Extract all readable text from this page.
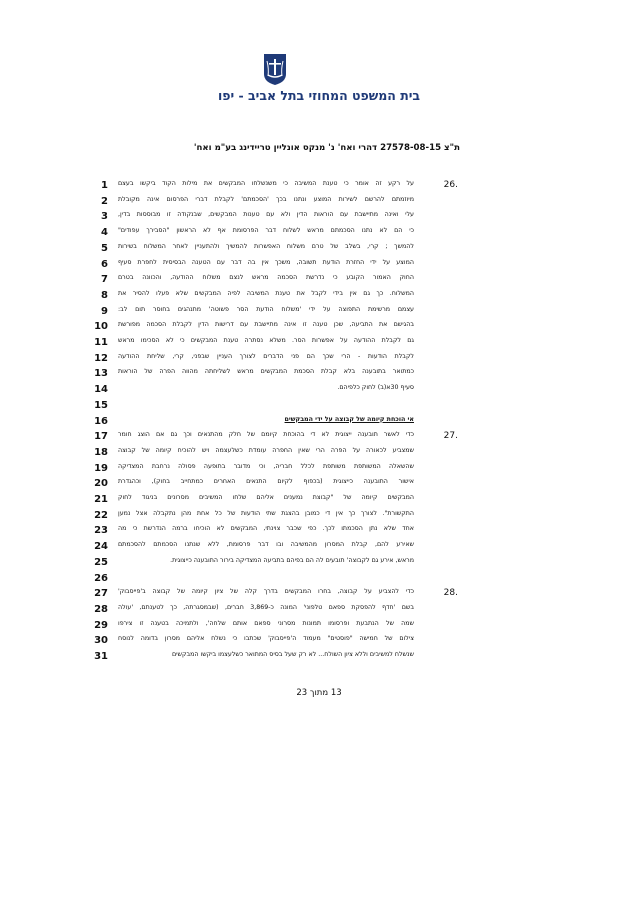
בית המשפט המחוזי בתל אביב - יפו
ת"צ 27578-08-15 דהרי ואח' נ' מנקס אונליין טריידינג בע"מ ואח'
1 על רקע זה אומר כי טענת המשיבה כי משנשלחו המבקשים את מילות הקוד ביקשו בעצם	26.
2 מיוזמתם להרשם לשירות המוצע ונתנו בכך 'הסכמתם' לקבלת דברי הפרסום אינה מקובלת
3 עלי ואינה מתיישבת עם הוראות הדין ולא עם טענות המבקשים, שבנקודה זו מבוססות בדין,
4 כי הם לא נתנו הסכמתם מראש לשלוח דבר הפרסומת אף לא הראשון "הסבירך עפודים"
5 להמשך ; קרי, בשלב של טרם משלוח האפשרות להמשיך ולהתעניין לאחר המשלוח בשירות
6 המוצע על ידי החזרת הודעת תשובה, משכך אין בה דבר עם הטענה הבסיסית לחפרת סעיף
7 החוק האמור הקובע כי נדרשת הסכמה מראש לנצם משלוח ההודעה, והכוונה בטרם
8 המשלוח. כך גם אין בידי לקבל את טענת המשיבה לפיה המבקשים שלא פעלו להסיר את
9 עצמם מרשימת התפוצה על ידי 'משלוח הודעת הסר פשוטה' מתנהגים בחוסר תום לב:
10 בהגישם את התביעה, שכן טענה זו אינה מתיישבת עם דרישות הדין לקבלת הסכמה מפורשת
11 גם לקבלת ההודעה על אפשרות הסר. משלא נסתרה טענת המבקשים כי לא הסכימו מראש
12 לקבלת הודעות - הרי שכך הם פני הדברים לצורך העניין שבפני, קרי, שליחת ההודעה
13 כמתואר בתובענה בלא קבלת הסכמת המבקשים מראש לשליחתה מהווה הפרה של הוראות
14	סעיף 30א(ב) לחוק כלפיהם.
15
16	אי הוכחת קיומה של קבוצה על ידי המבקשים
17 כדי לאשר תובענה ייצוגית לא די בהוכחת קיומם של חלק מהתנאים וכך גם אם הוצג חומר	27.
18 שמצביע לכאורה על הפרה הרי שאין החפרה עומדת כשלעצמה ויש להוכיח קיומה של קבוצה
19 שהשאלה המשותפת משותפת לכלל חבריה, וכי מדובר בתופעה פסולה נרחבת המצדיקה
20 אישור התובענה כייצוגית (בכפוף לקיום התנאים האחרים כמתחייב בחוק), וכהגדרת
21 המבקשים קיומה של "קבוצת נמענים אליהם שלחו המשיבים מסרונים בניגוד לחוק
22 התקשורת". לצורך כך אין די כמובן בהצגת שתי הודעות של כל אחת מהן נתקבלה אצל נמען
23 אחד שלא נתן הסכמתו לכך. כפי שכבר צוינתי, המבקשים לא הוכיחו ברמה הנדרשת כי מה
24 שאירע להם, קבלת המסרון מהמשיבה ובו דבר פרסומת, ללא שנתנו הסכמתם להסכמתם
25	מראש, אירע גם לקבוצה' תובעים לה הם בפיהם בתביעה המצדיקה בירור התובענה כייצוגית.
26
27 כדי להצביע על קבוצה, בחרו המבקשים בדרך קלה של ציון קיומה של קבוצה ב'פייסבוק'	28.
28 בשם 'חדף להפסקת ספאם טלפוני' המונה כ-3,869 חברים, (שבמסגרתה, כך לטענתם, 'עולה
29 שמה של הנתבעת ופרסומו תמונות מסרוני ספאם אותם שלחה', ולתמיכה בטענה זו צירפו
30 צילום של חמישה "פוסטים" מעמוד ה'פייסבוק' שכתבו כי נשלח אליהם מסרון בדומה לנוסח
31	שנשלח למשיבים וללא ציון השולח... לא רק שעל בסיס המתואר כשלעצמו ביקשו המבקשים
13 מתוך 23
